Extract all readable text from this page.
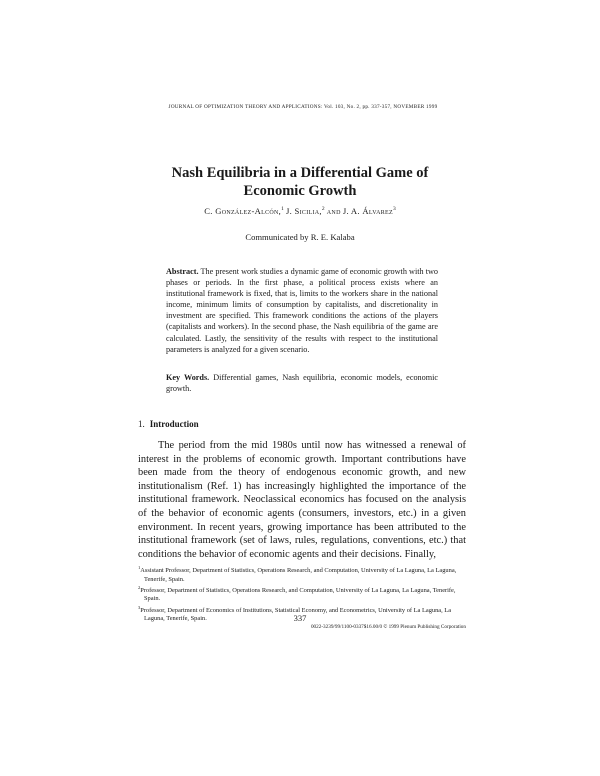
JOURNAL OF OPTIMIZATION THEORY AND APPLICATIONS: Vol. 103, No. 2, pp. 337-357, NOVEMBER 1999
Nash Equilibria in a Differential Game of
Economic Growth
C. González-Alcón,$^1$ J. Sicilia,$^2$ and J. A. Álvarez$^3$
Communicated by R. E. Kalaba
Abstract. The present work studies a dynamic game of economic growth with two phases or periods. In the first phase, a political process exists where an institutional framework is fixed, that is, limits to the workers share in the national income, minimum limits of consumption by capitalists, and discretionality in investment are specified. This framework conditions the actions of the players (capitalists and workers). In the second phase, the Nash equilibria of the game are calculated. Lastly, the sensitivity of the results with respect to the institutional parameters is analyzed for a given scenario.
Key Words. Differential games, Nash equilibria, economic models, economic growth.
1. Introduction
The period from the mid 1980s until now has witnessed a renewal of interest in the problems of economic growth. Important contributions have been made from the theory of endogenous economic growth, and new institutionalism (Ref. 1) has increasingly highlighted the importance of the institutional framework. Neoclassical economics has focused on the analysis of the behavior of economic agents (consumers, investors, etc.) in a given environment. In recent years, growing importance has been attributed to the institutional framework (set of laws, rules, regulations, conventions, etc.) that conditions the behavior of economic agents and their decisions. Finally,

$^1$Assistant Professor, Department of Statistics, Operations Research, and Computation, University of La Laguna, La Laguna, Tenerife, Spain.

$^2$Professor, Department of Statistics, Operations Research, and Computation, University of La Laguna, La Laguna, Tenerife, Spain.

$^3$Professor, Department of Economics of Institutions, Statistical Economy, and Econometrics, University of La Laguna, La Laguna, Tenerife, Spain.	337
0022-3239/99/1100-0337$16.00/0 © 1999 Plenum Publishing Corporation
